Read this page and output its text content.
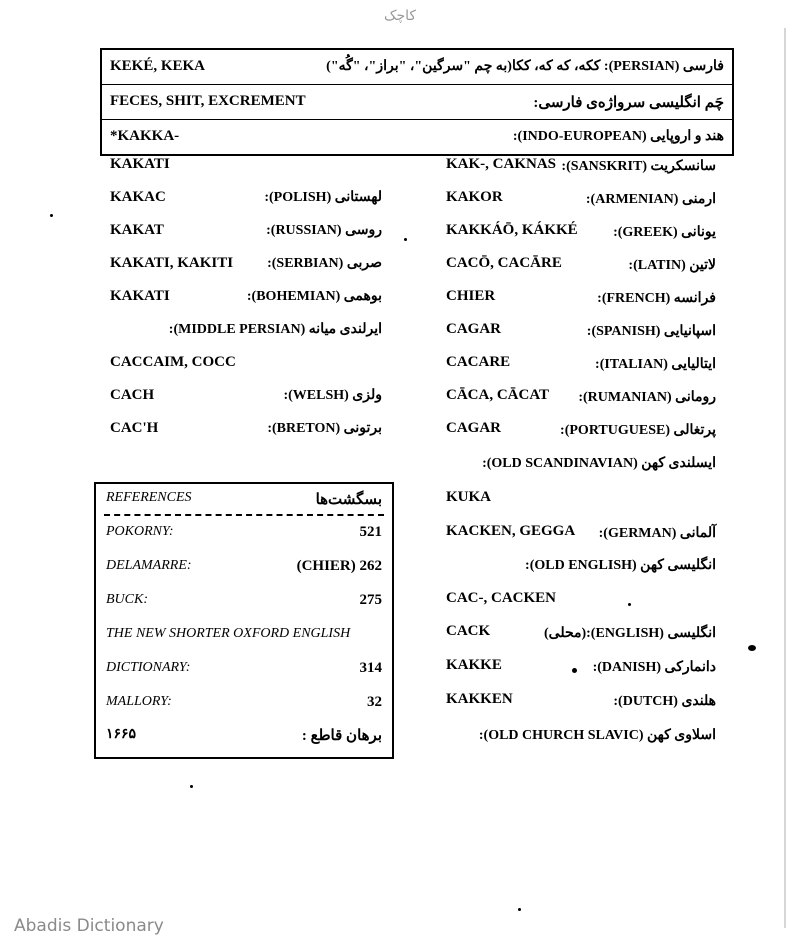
کاچک
KEKÉ, KEKA	فارسی (PERSIAN): ککه، که که، ککا(به چم "سرگین"، "براز"، "گُه")
FECES, SHIT, EXCREMENT	چَم انگلیسی سرواژه‌ی فارسی:
*KAKKA-	هند و اروپایی (INDO-EUROPEAN):
KAKATI
KAKAC	لهستانی (POLISH):
KAKAT	روسی (RUSSIAN):
KAKATI, KAKITI صربی (SERBIAN):
KAKATI	بوهمی (BOHEMIAN):
ایرلندی میانه (MIDDLE PERSIAN):
CACCAIM, COCC
CACH	ولزی (WELSH):
CAC'H	برتونی (BRETON):
KAK-, CAKNAS سانسکریت (SANSKRIT):
KAKOR	ارمنی (ARMENIAN):
KAKKÁŌ, KÁKKÉ	یونانی (GREEK):
CACŌ, CACĀRE	لاتین (LATIN):
CHIER	فرانسه (FRENCH):
CAGAR	اسپانیایی (SPANISH):
CACARE	ایتالیایی (ITALIAN):
CĀCA, CĀCAT رومانی (RUMANIAN):
CAGAR	پرتغالی (PORTUGUESE):
ایسلندی کهن (OLD SCANDINAVIAN):
KUKA
KACKEN, GEGGA آلمانی (GERMAN):
انگلیسی کهن (OLD ENGLISH):
CAC-, CACKEN
CACK	انگلیسی (ENGLISH):(محلی)
KAKKE	دانمارکی (DANISH):
KAKKEN	هلندی (DUTCH):
اسلاوی کهن (OLD CHURCH SLAVIC):
REFERENCES	بسگشت‌ها
POKORNY:	521
DELAMARRE:	(CHIER) 262
BUCK:	275
THE NEW SHORTER OXFORD ENGLISH
DICTIONARY:	314
MALLORY:	32
۱۶۶۵	برهان قاطع :
Abadis Dictionary
